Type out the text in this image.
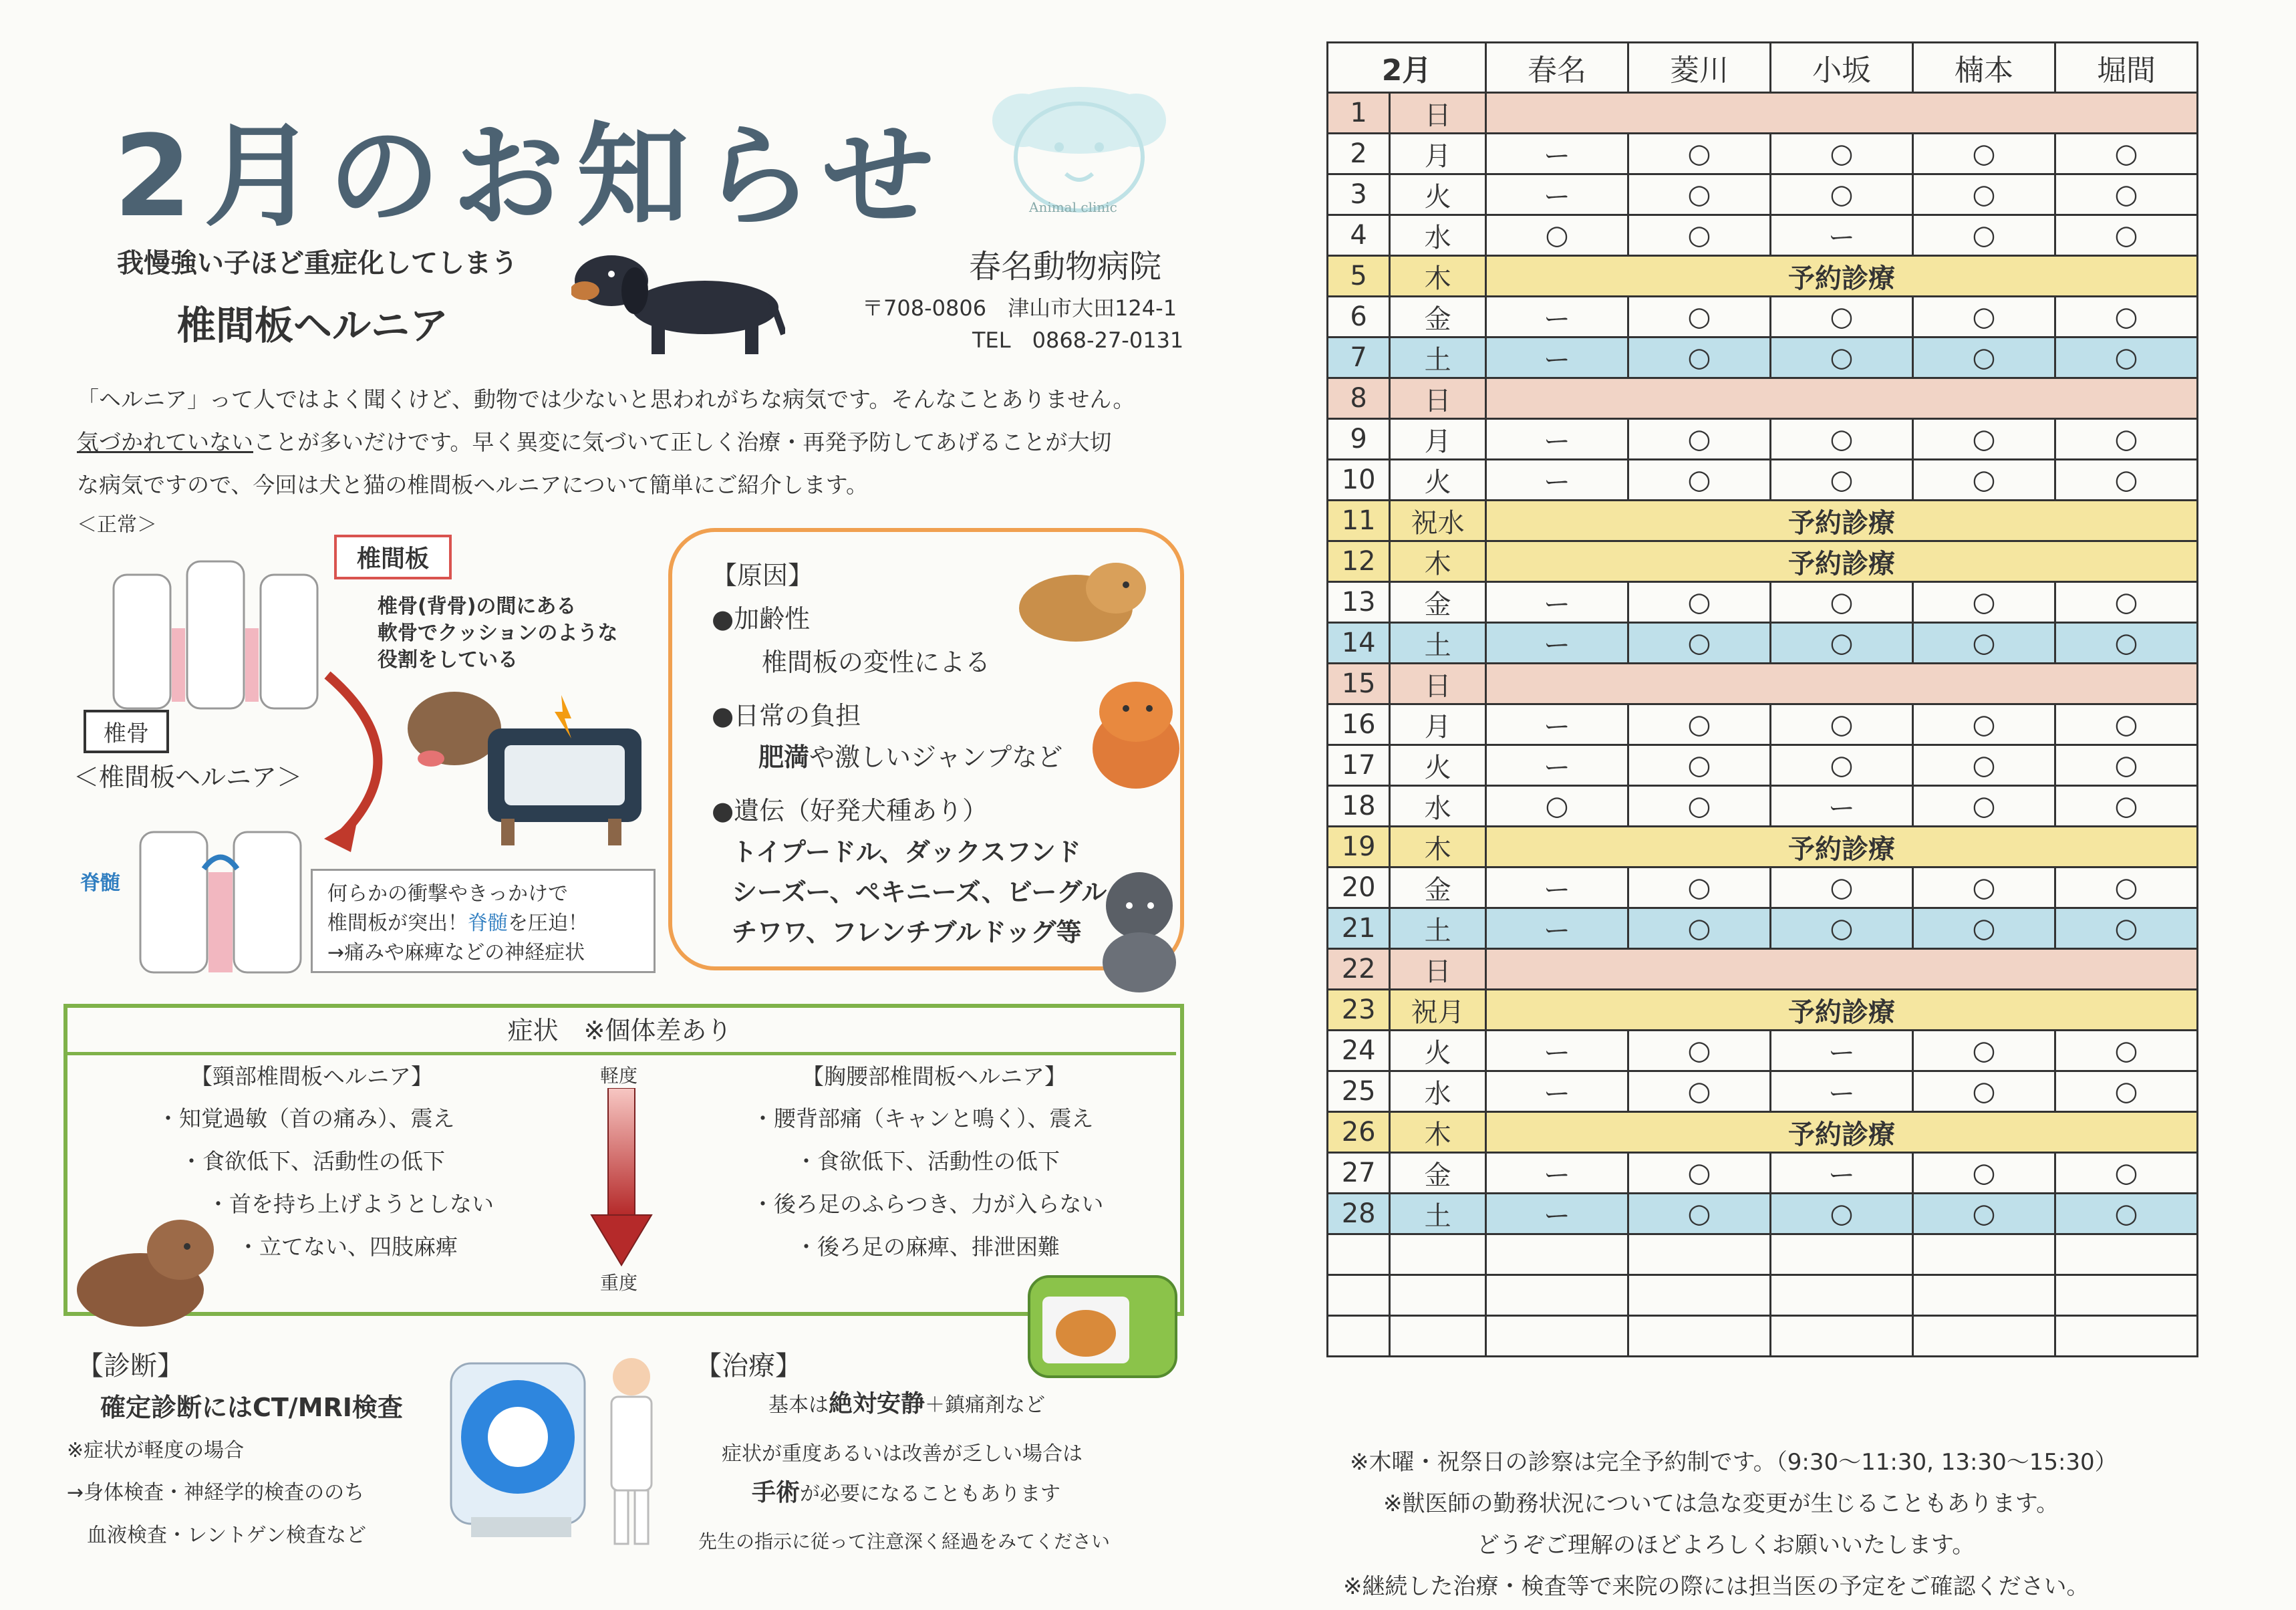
2月のお知らせ	Animal clinic
我慢強い子ほど重症化してしまう
椎間板ヘルニア
春名動物病院
〒708-0806　津山市大田124-1
TEL　0868-27-0131
「ヘルニア」って人ではよく聞くけど、動物では少ないと思われがちな病気です。そんなことありません。
気づかれていないことが多いだけです。早く異変に気づいて正しく治療・再発予防してあげることが大切
な病気ですので、今回は犬と猫の椎間板ヘルニアについて簡単にご紹介します。
＜正常＞
椎間板
椎骨(背骨)の間にある
軟骨でクッションのような
役割をしている
椎骨
＜椎間板ヘルニア＞
脊髄	何らかの衝撃やきっかけで
椎間板が突出！脊髄を圧迫！
→痛みや麻痺などの神経症状
【原因】
●加齢性
椎間板の変性による
●日常の負担
肥満や激しいジャンプなど
●遺伝（好発犬種あり）
トイプードル、ダックスフンド
シーズー、ペキニーズ、ビーグル
チワワ、フレンチブルドッグ等
症状　※個体差あり
【頸部椎間板ヘルニア】
・知覚過敏（首の痛み）、震え
・食欲低下、活動性の低下
・首を持ち上げようとしない
・立てない、四肢麻痺
軽度
重度
【胸腰部椎間板ヘルニア】
・腰背部痛（キャンと鳴く）、震え
・食欲低下、活動性の低下
・後ろ足のふらつき、力が入らない
・後ろ足の麻痺、排泄困難
【診断】
確定診断にはCT/MRI検査
※症状が軽度の場合
→身体検査・神経学的検査ののち
　血液検査・レントゲン検査など
【治療】
基本は絶対安静＋鎮痛剤など
症状が重度あるいは改善が乏しい場合は
手術が必要になることもあります
先生の指示に従って注意深く経過をみてください
2月		春名	菱川	小坂	楠本	堀間
1	日					
2	月	ー	○	○	○	○
3	火	ー	○	○	○	○
4	水	○	○	ー	○	○
5	木	予約診療				
6	金	ー	○	○	○	○
7	土	ー	○	○	○	○
8	日					
9	月	ー	○	○	○	○
10	火	ー	○	○	○	○
11	祝水	予約診療				
12	木	予約診療				
13	金	ー	○	○	○	○
14	土	ー	○	○	○	○
15	日					
16	月	ー	○	○	○	○
17	火	ー	○	○	○	○
18	水	○	○	ー	○	○
19	木	予約診療				
20	金	ー	○	○	○	○
21	土	ー	○	○	○	○
22	日					
23	祝月	予約診療				
24	火	ー	○	ー	○	○
25	水	ー	○	ー	○	○
26	木	予約診療				
27	金	ー	○	ー	○	○
28	土	ー	○	○	○	○

※木曜・祝祭日の診察は完全予約制です。（9:30〜11:30, 13:30〜15:30）
※獣医師の勤務状況については急な変更が生じることもあります。
どうぞご理解のほどよろしくお願いいたします。
※継続した治療・検査等で来院の際には担当医の予定をご確認ください。
